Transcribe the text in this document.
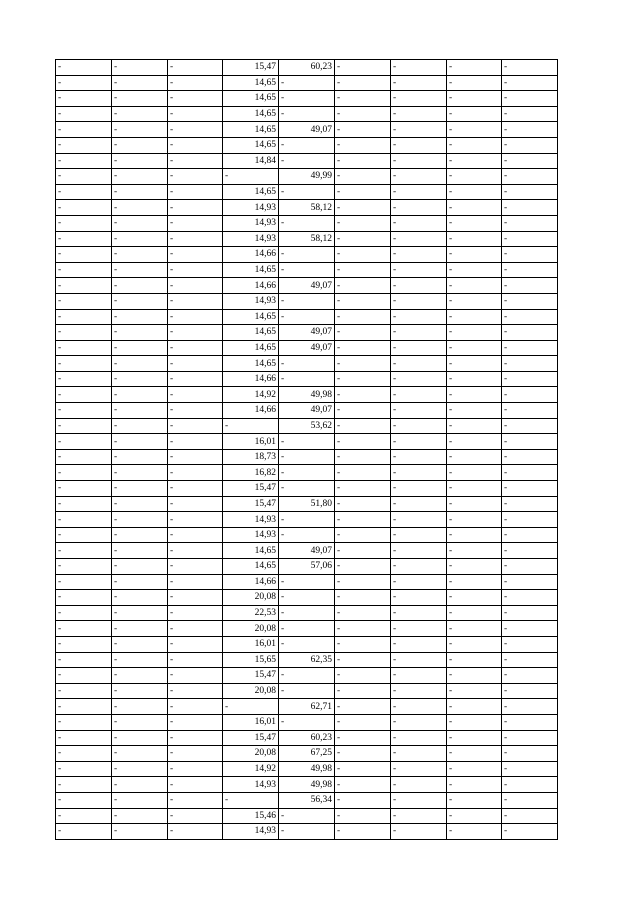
-	-	-	15,47	60,23	-	-	-	-
-	-	-	14,65	-	-	-	-	-
-	-	-	14,65	-	-	-	-	-
-	-	-	14,65	-	-	-	-	-
-	-	-	14,65	49,07	-	-	-	-
-	-	-	14,65	-	-	-	-	-
-	-	-	14,84	-	-	-	-	-
-	-	-	-	49,99	-	-	-	-
-	-	-	14,65	-	-	-	-	-
-	-	-	14,93	58,12	-	-	-	-
-	-	-	14,93	-	-	-	-	-
-	-	-	14,93	58,12	-	-	-	-
-	-	-	14,66	-	-	-	-	-
-	-	-	14,65	-	-	-	-	-
-	-	-	14,66	49,07	-	-	-	-
-	-	-	14,93	-	-	-	-	-
-	-	-	14,65	-	-	-	-	-
-	-	-	14,65	49,07	-	-	-	-
-	-	-	14,65	49,07	-	-	-	-
-	-	-	14,65	-	-	-	-	-
-	-	-	14,66	-	-	-	-	-
-	-	-	14,92	49,98	-	-	-	-
-	-	-	14,66	49,07	-	-	-	-
-	-	-	-	53,62	-	-	-	-
-	-	-	16,01	-	-	-	-	-
-	-	-	18,73	-	-	-	-	-
-	-	-	16,82	-	-	-	-	-
-	-	-	15,47	-	-	-	-	-
-	-	-	15,47	51,80	-	-	-	-
-	-	-	14,93	-	-	-	-	-
-	-	-	14,93	-	-	-	-	-
-	-	-	14,65	49,07	-	-	-	-
-	-	-	14,65	57,06	-	-	-	-
-	-	-	14,66	-	-	-	-	-
-	-	-	20,08	-	-	-	-	-
-	-	-	22,53	-	-	-	-	-
-	-	-	20,08	-	-	-	-	-
-	-	-	16,01	-	-	-	-	-
-	-	-	15,65	62,35	-	-	-	-
-	-	-	15,47	-	-	-	-	-
-	-	-	20,08	-	-	-	-	-
-	-	-	-	62,71	-	-	-	-
-	-	-	16,01	-	-	-	-	-
-	-	-	15,47	60,23	-	-	-	-
-	-	-	20,08	67,25	-	-	-	-
-	-	-	14,92	49,98	-	-	-	-
-	-	-	14,93	49,98	-	-	-	-
-	-	-	-	56,34	-	-	-	-
-	-	-	15,46	-	-	-	-	-
-	-	-	14,93	-	-	-	-	-
